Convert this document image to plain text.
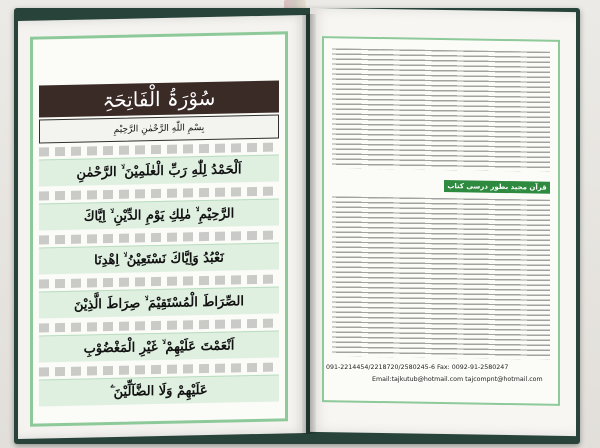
سُوْرَۃُ الْفَاتِحَۃِ
بِسْمِ اللّٰهِ الرَّحْمٰنِ الرَّحِيْمِ
اَلْحَمْدُ لِلّٰهِ رَبِّ الْعٰلَمِيْنَ ۙ الرَّحْمٰنِ
الرَّحِيْمِ ۙ مٰلِكِ يَوْمِ الدِّيْنِ ۙ اِيَّاكَ
نَعْبُدُ وَاِيَّاكَ نَسْتَعِيْنُ ۙ اِهْدِنَا
الصِّرَاطَ الْمُسْتَقِيْمَ ۙ صِرَاطَ الَّذِيْنَ
اَنْعَمْتَ عَلَيْهِمْ ۙ غَيْرِ الْمَغْضُوْبِ
عَلَيْهِمْ وَلَا الضَّآلِّيْنَ ۧ
قرآن مجید بطور درسی کتاب
091-2214454/2218720/2580245-6 Fax: 0092-91-2580247
Email:tajkutub@hotmail.com tajcompnt@hotmail.com
